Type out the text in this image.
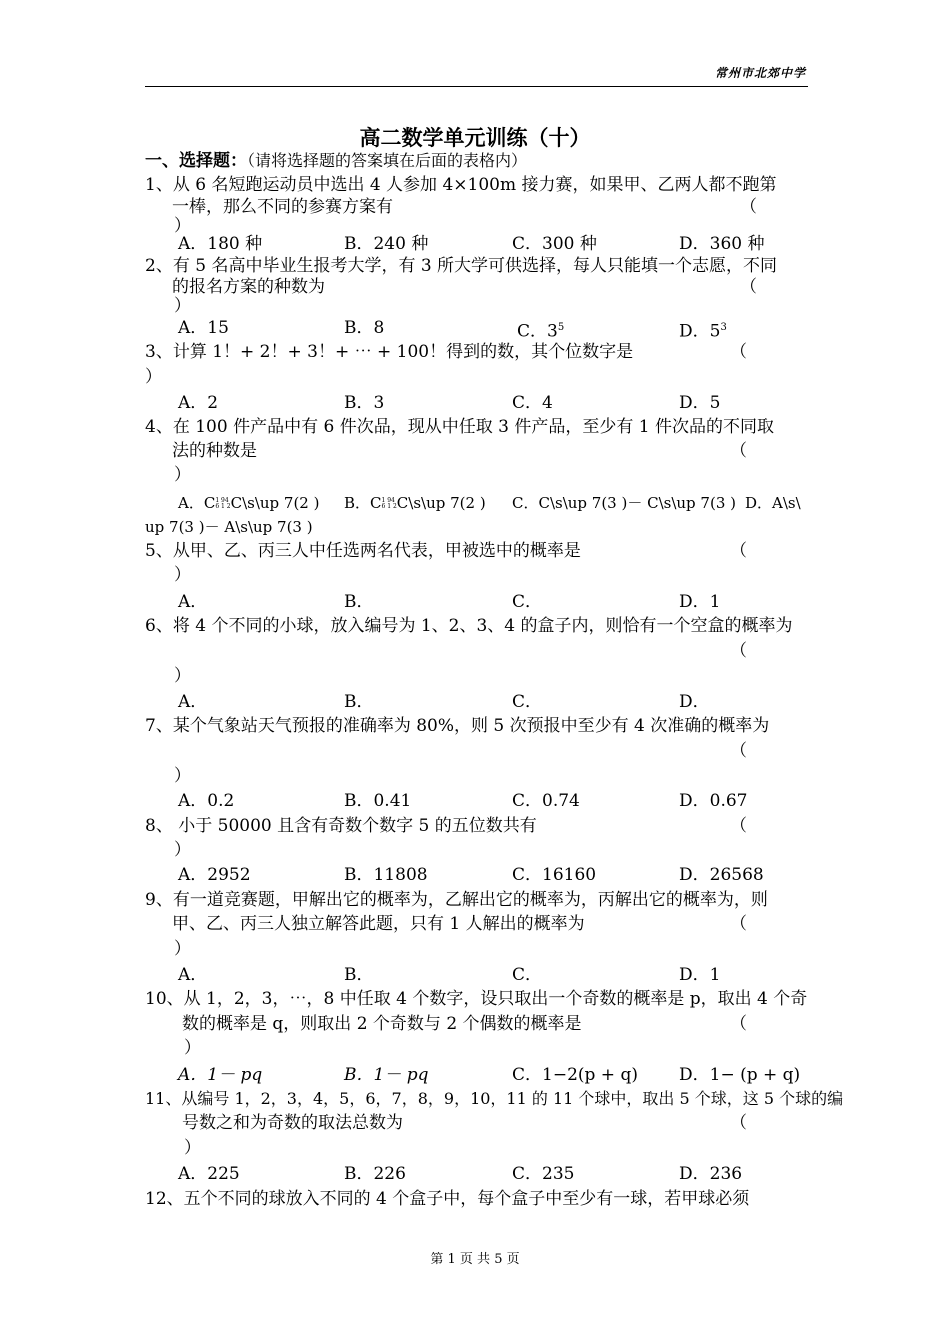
常州市北郊中学
高二数学单元训练（十）
一、选择题：（请将选择题的答案填在后面的表格内）
1、从 6 名短跑运动员中选出 4 人参加 4×100m 接力赛，如果甲、乙两人都不跑第
一棒，那么不同的参赛方案有	（
）
A．180 种	B．240 种	C．300 种	D．360 种
2、有 5 名高中毕业生报考大学，有 3 所大学可供选择，每人只能填一个志愿，不同
的报名方案的种数为	（
）
A．15	B．8	C．$3^5$	D．$5^3$
3、计算 1！+ 2！+ 3！+ ⋯ + 100！得到的数，其个位数字是	（
）
A．2	B．3	C．4	D．5
4、在 100 件产品中有 6 件次品，现从中任取 3 件产品，至少有 1 件次品的不同取
法的种数是	（
）
A．C1 94
6 1 2C\s\up 7(2 ) B．C1 94
6 1 2C\s\up 7(2 ) C．C\s\up 7(3 )－ C\s\up 7(3 ) D．A\s\
up 7(3 )－ A\s\up 7(3 )
5、从甲、乙、丙三人中任选两名代表，甲被选中的概率是	（
）
A．	B．	C．	D．1
6、将 4 个不同的小球，放入编号为 1、2、3、4 的盒子内，则恰有一个空盒的概率为
（
）
A．	B．	C．	D．
7、某个气象站天气预报的准确率为 80%，则 5 次预报中至少有 4 次准确的概率为
（
）
A．0.2	B．0.41	C．0.74	D．0.67
8、 小于 50000 且含有奇数个数字 5 的五位数共有	（
）
A．2952	B．11808	C．16160	D．26568
9、有一道竞赛题，甲解出它的概率为，乙解出它的概率为，丙解出它的概率为，则
甲、乙、丙三人独立解答此题，只有 1 人解出的概率为	（
）
A．	B．	C．	D．1
10、从 1，2，3，⋯，8 中任取 4 个数字，设只取出一个奇数的概率是 p，取出 4 个奇
数的概率是 q，则取出 2 个奇数与 2 个偶数的概率是	（
）
A．1－ pq	B．1－ pq	C．1−2(p + q) D．1− (p + q)
11、从编号 1，2，3，4，5，6，7，8，9，10，11 的 11 个球中，取出 5 个球，这 5 个球的编
号数之和为奇数的取法总数为	（
）
A．225	B．226	C．235	D．236
12、五个不同的球放入不同的 4 个盒子中，每个盒子中至少有一球，若甲球必须
第 1 页 共 5 页
